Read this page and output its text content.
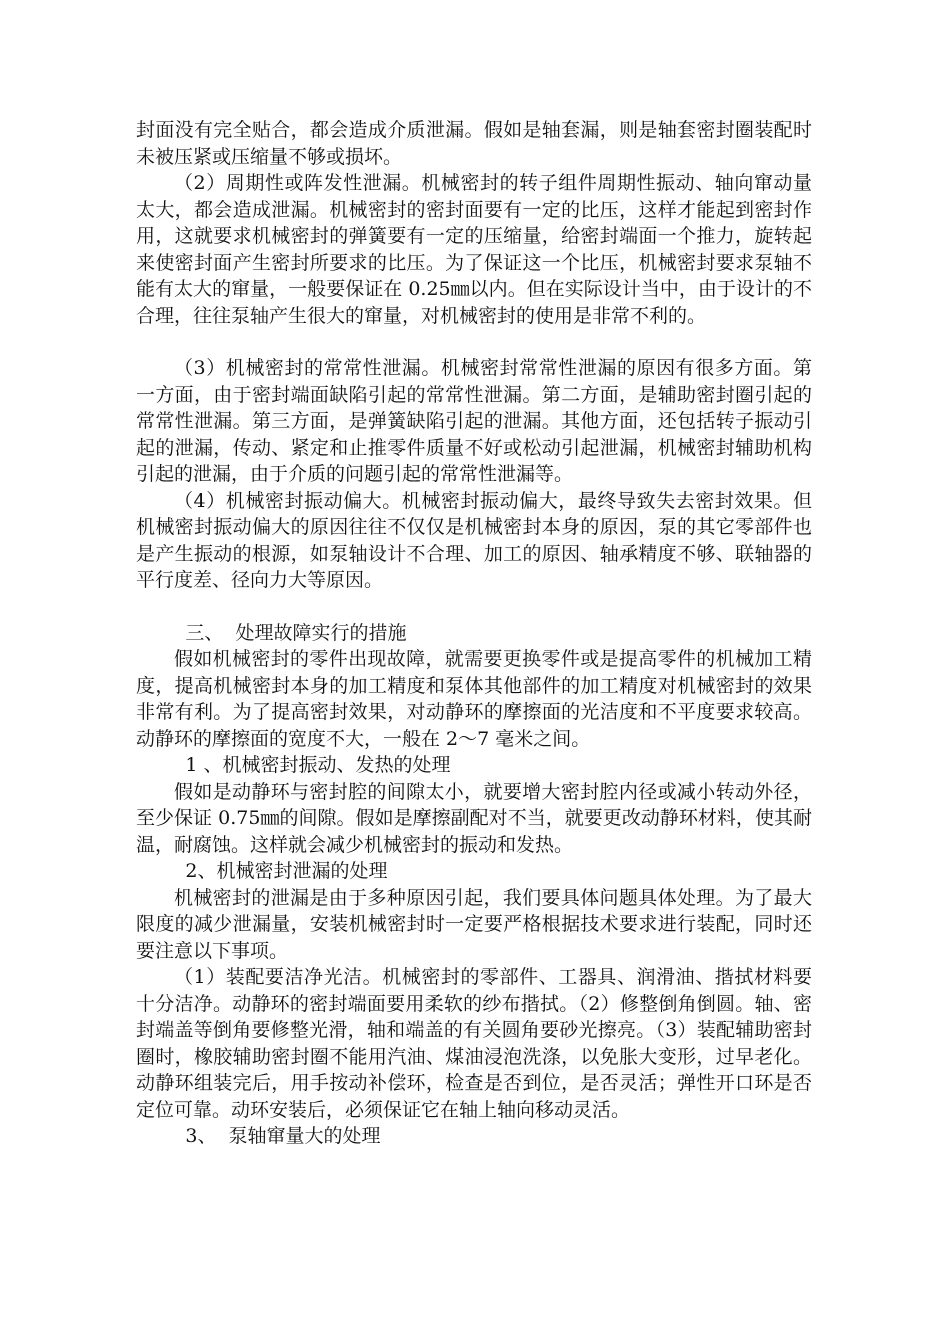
封面没有完全贴合，都会造成介质泄漏。假如是轴套漏，则是轴套密封圈装配时未被压紧或压缩量不够或损坏。

（2）周期性或阵发性泄漏。机械密封的转子组件周期性振动、轴向窜动量太大，都会造成泄漏。机械密封的密封面要有一定的比压，这样才能起到密封作用，这就要求机械密封的弹簧要有一定的压缩量，给密封端面一个推力，旋转起来使密封面产生密封所要求的比压。为了保证这一个比压，机械密封要求泵轴不能有太大的窜量，一般要保证在 0.25㎜以内。但在实际设计当中，由于设计的不合理，往往泵轴产生很大的窜量，对机械密封的使用是非常不利的。

（3）机械密封的常常性泄漏。机械密封常常性泄漏的原因有很多方面。第一方面，由于密封端面缺陷引起的常常性泄漏。第二方面，是辅助密封圈引起的常常性泄漏。第三方面，是弹簧缺陷引起的泄漏。其他方面，还包括转子振动引起的泄漏，传动、紧定和止推零件质量不好或松动引起泄漏，机械密封辅助机构引起的泄漏，由于介质的问题引起的常常性泄漏等。

（4）机械密封振动偏大。机械密封振动偏大，最终导致失去密封效果。但机械密封振动偏大的原因往往不仅仅是机械密封本身的原因，泵的其它零部件也是产生振动的根源，如泵轴设计不合理、加工的原因、轴承精度不够、联轴器的平行度差、径向力大等原因。

三、  处理故障实行的措施

假如机械密封的零件出现故障，就需要更换零件或是提高零件的机械加工精度，提高机械密封本身的加工精度和泵体其他部件的加工精度对机械密封的效果非常有利。为了提高密封效果，对动静环的摩擦面的光洁度和不平度要求较高。动静环的摩擦面的宽度不大，一般在 2～7 毫米之间。

1 、机械密封振动、发热的处理

假如是动静环与密封腔的间隙太小，就要增大密封腔内径或减小转动外径，至少保证 0.75㎜的间隙。假如是摩擦副配对不当，就要更改动静环材料，使其耐温，耐腐蚀。这样就会减少机械密封的振动和发热。

2、机械密封泄漏的处理

机械密封的泄漏是由于多种原因引起，我们要具体问题具体处理。为了最大限度的减少泄漏量，安装机械密封时一定要严格根据技术要求进行装配，同时还要注意以下事项。

（1）装配要洁净光洁。机械密封的零部件、工器具、润滑油、揩拭材料要十分洁净。动静环的密封端面要用柔软的纱布揩拭。（2）修整倒角倒圆。轴、密封端盖等倒角要修整光滑，轴和端盖的有关圆角要砂光擦亮。（3）装配辅助密封圈时，橡胶辅助密封圈不能用汽油、煤油浸泡洗涤，以免胀大变形，过早老化。动静环组装完后，用手按动补偿环，检查是否到位，是否灵活；弹性开口环是否定位可靠。动环安装后，必须保证它在轴上轴向移动灵活。

3、  泵轴窜量大的处理
